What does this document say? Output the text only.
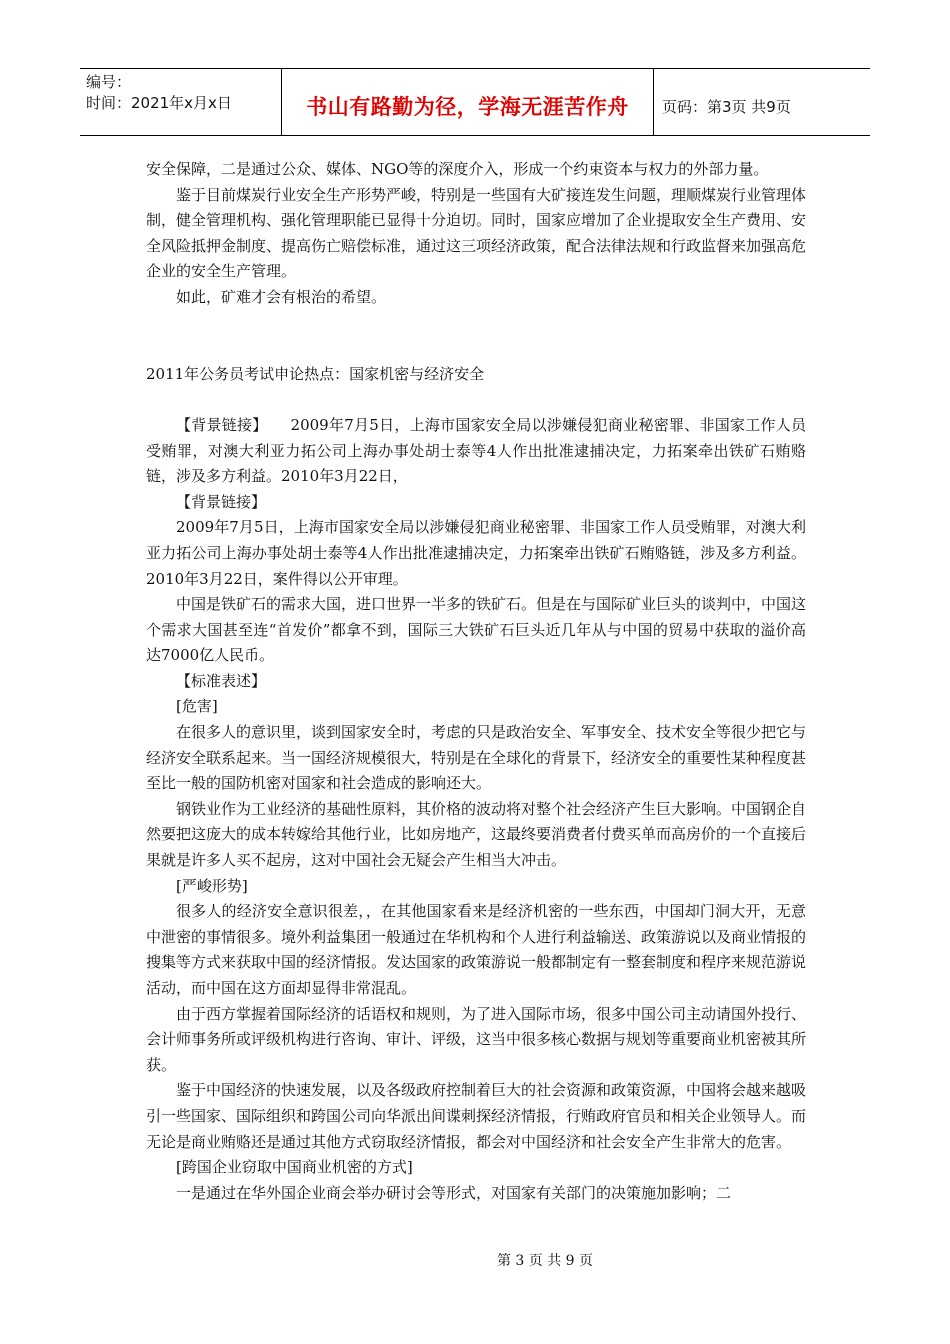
编号：
时间：2021年x月x日	书山有路勤为径，学海无涯苦作舟	页码：第3页 共9页

安全保障，二是通过公众、媒体、NGO等的深度介入，形成一个约束资本与权力的外部力量。

鉴于目前煤炭行业安全生产形势严峻，特别是一些国有大矿接连发生问题，理顺煤炭行业管理体制，健全管理机构、强化管理职能已显得十分迫切。同时，国家应增加了企业提取安全生产费用、安全风险抵押金制度、提高伤亡赔偿标准，通过这三项经济政策，配合法律法规和行政监督来加强高危企业的安全生产管理。

如此，矿难才会有根治的希望。

2011年公务员考试申论热点：国家机密与经济安全

【背景链接】　　2009年7月5日，上海市国家安全局以涉嫌侵犯商业秘密罪、非国家工作人员受贿罪，对澳大利亚力拓公司上海办事处胡士泰等4人作出批准逮捕决定，力拓案牵出铁矿石贿赂链，涉及多方利益。2010年3月22日，

【背景链接】

2009年7月5日，上海市国家安全局以涉嫌侵犯商业秘密罪、非国家工作人员受贿罪，对澳大利亚力拓公司上海办事处胡士泰等4人作出批准逮捕决定，力拓案牵出铁矿石贿赂链，涉及多方利益。2010年3月22日，案件得以公开审理。

中国是铁矿石的需求大国，进口世界一半多的铁矿石。但是在与国际矿业巨头的谈判中，中国这个需求大国甚至连“首发价”都拿不到，国际三大铁矿石巨头近几年从与中国的贸易中获取的溢价高达7000亿人民币。

【标准表述】

[危害]

在很多人的意识里，谈到国家安全时，考虑的只是政治安全、军事安全、技术安全等很少把它与经济安全联系起来。当一国经济规模很大，特别是在全球化的背景下，经济安全的重要性某种程度甚至比一般的国防机密对国家和社会造成的影响还大。

钢铁业作为工业经济的基础性原料，其价格的波动将对整个社会经济产生巨大影响。中国钢企自然要把这庞大的成本转嫁给其他行业，比如房地产，这最终要消费者付费买单而高房价的一个直接后果就是许多人买不起房，这对中国社会无疑会产生相当大冲击。

[严峻形势]

很多人的经济安全意识很差，，在其他国家看来是经济机密的一些东西，中国却门洞大开，无意中泄密的事情很多。境外利益集团一般通过在华机构和个人进行利益输送、政策游说以及商业情报的搜集等方式来获取中国的经济情报。发达国家的政策游说一般都制定有一整套制度和程序来规范游说活动，而中国在这方面却显得非常混乱。

由于西方掌握着国际经济的话语权和规则，为了进入国际市场，很多中国公司主动请国外投行、会计师事务所或评级机构进行咨询、审计、评级，这当中很多核心数据与规划等重要商业机密被其所获。

鉴于中国经济的快速发展，以及各级政府控制着巨大的社会资源和政策资源，中国将会越来越吸引一些国家、国际组织和跨国公司向华派出间谍刺探经济情报，行贿政府官员和相关企业领导人。而无论是商业贿赂还是通过其他方式窃取经济情报，都会对中国经济和社会安全产生非常大的危害。

[跨国企业窃取中国商业机密的方式]

一是通过在华外国企业商会举办研讨会等形式，对国家有关部门的决策施加影响；二

第 3 页 共 9 页
